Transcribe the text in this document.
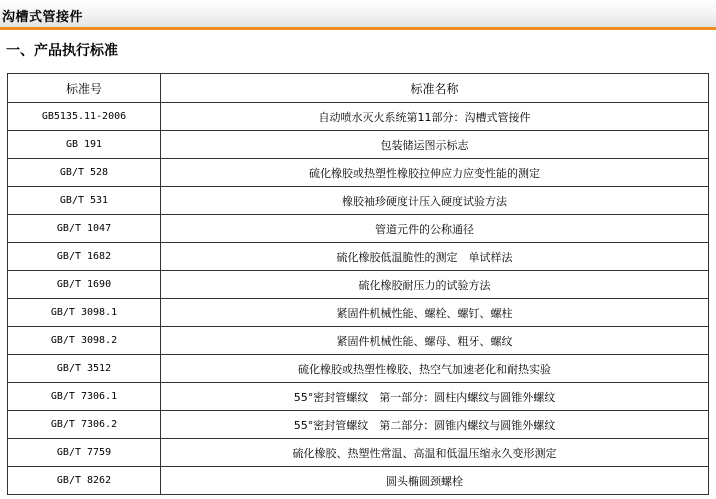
沟槽式管接件
一、产品执行标准
标准号	标准名称
GB5135.11-2006	自动喷水灭火系统第11部分：沟槽式管接件
GB 191	包装储运图示标志
GB/T 528	硫化橡胶或热塑性橡胶拉伸应力应变性能的测定
GB/T 531	橡胶袖珍硬度计压入硬度试验方法
GB/T 1047	管道元件的公称通径
GB/T 1682	硫化橡胶低温脆性的测定　单试样法
GB/T 1690	硫化橡胶耐压力的试验方法
GB/T 3098.1	紧固件机械性能、螺栓、螺钉、螺柱
GB/T 3098.2	紧固件机械性能、螺母、粗牙、螺纹
GB/T 3512	硫化橡胶或热塑性橡胶、热空气加速老化和耐热实验
GB/T 7306.1	55°密封管螺纹　第一部分：圆柱内螺纹与圆锥外螺纹
GB/T 7306.2	55°密封管螺纹　第二部分：圆锥内螺纹与圆锥外螺纹
GB/T 7759	硫化橡胶、热塑性常温、高温和低温压缩永久变形测定
GB/T 8262	圆头椭圆颈螺栓
